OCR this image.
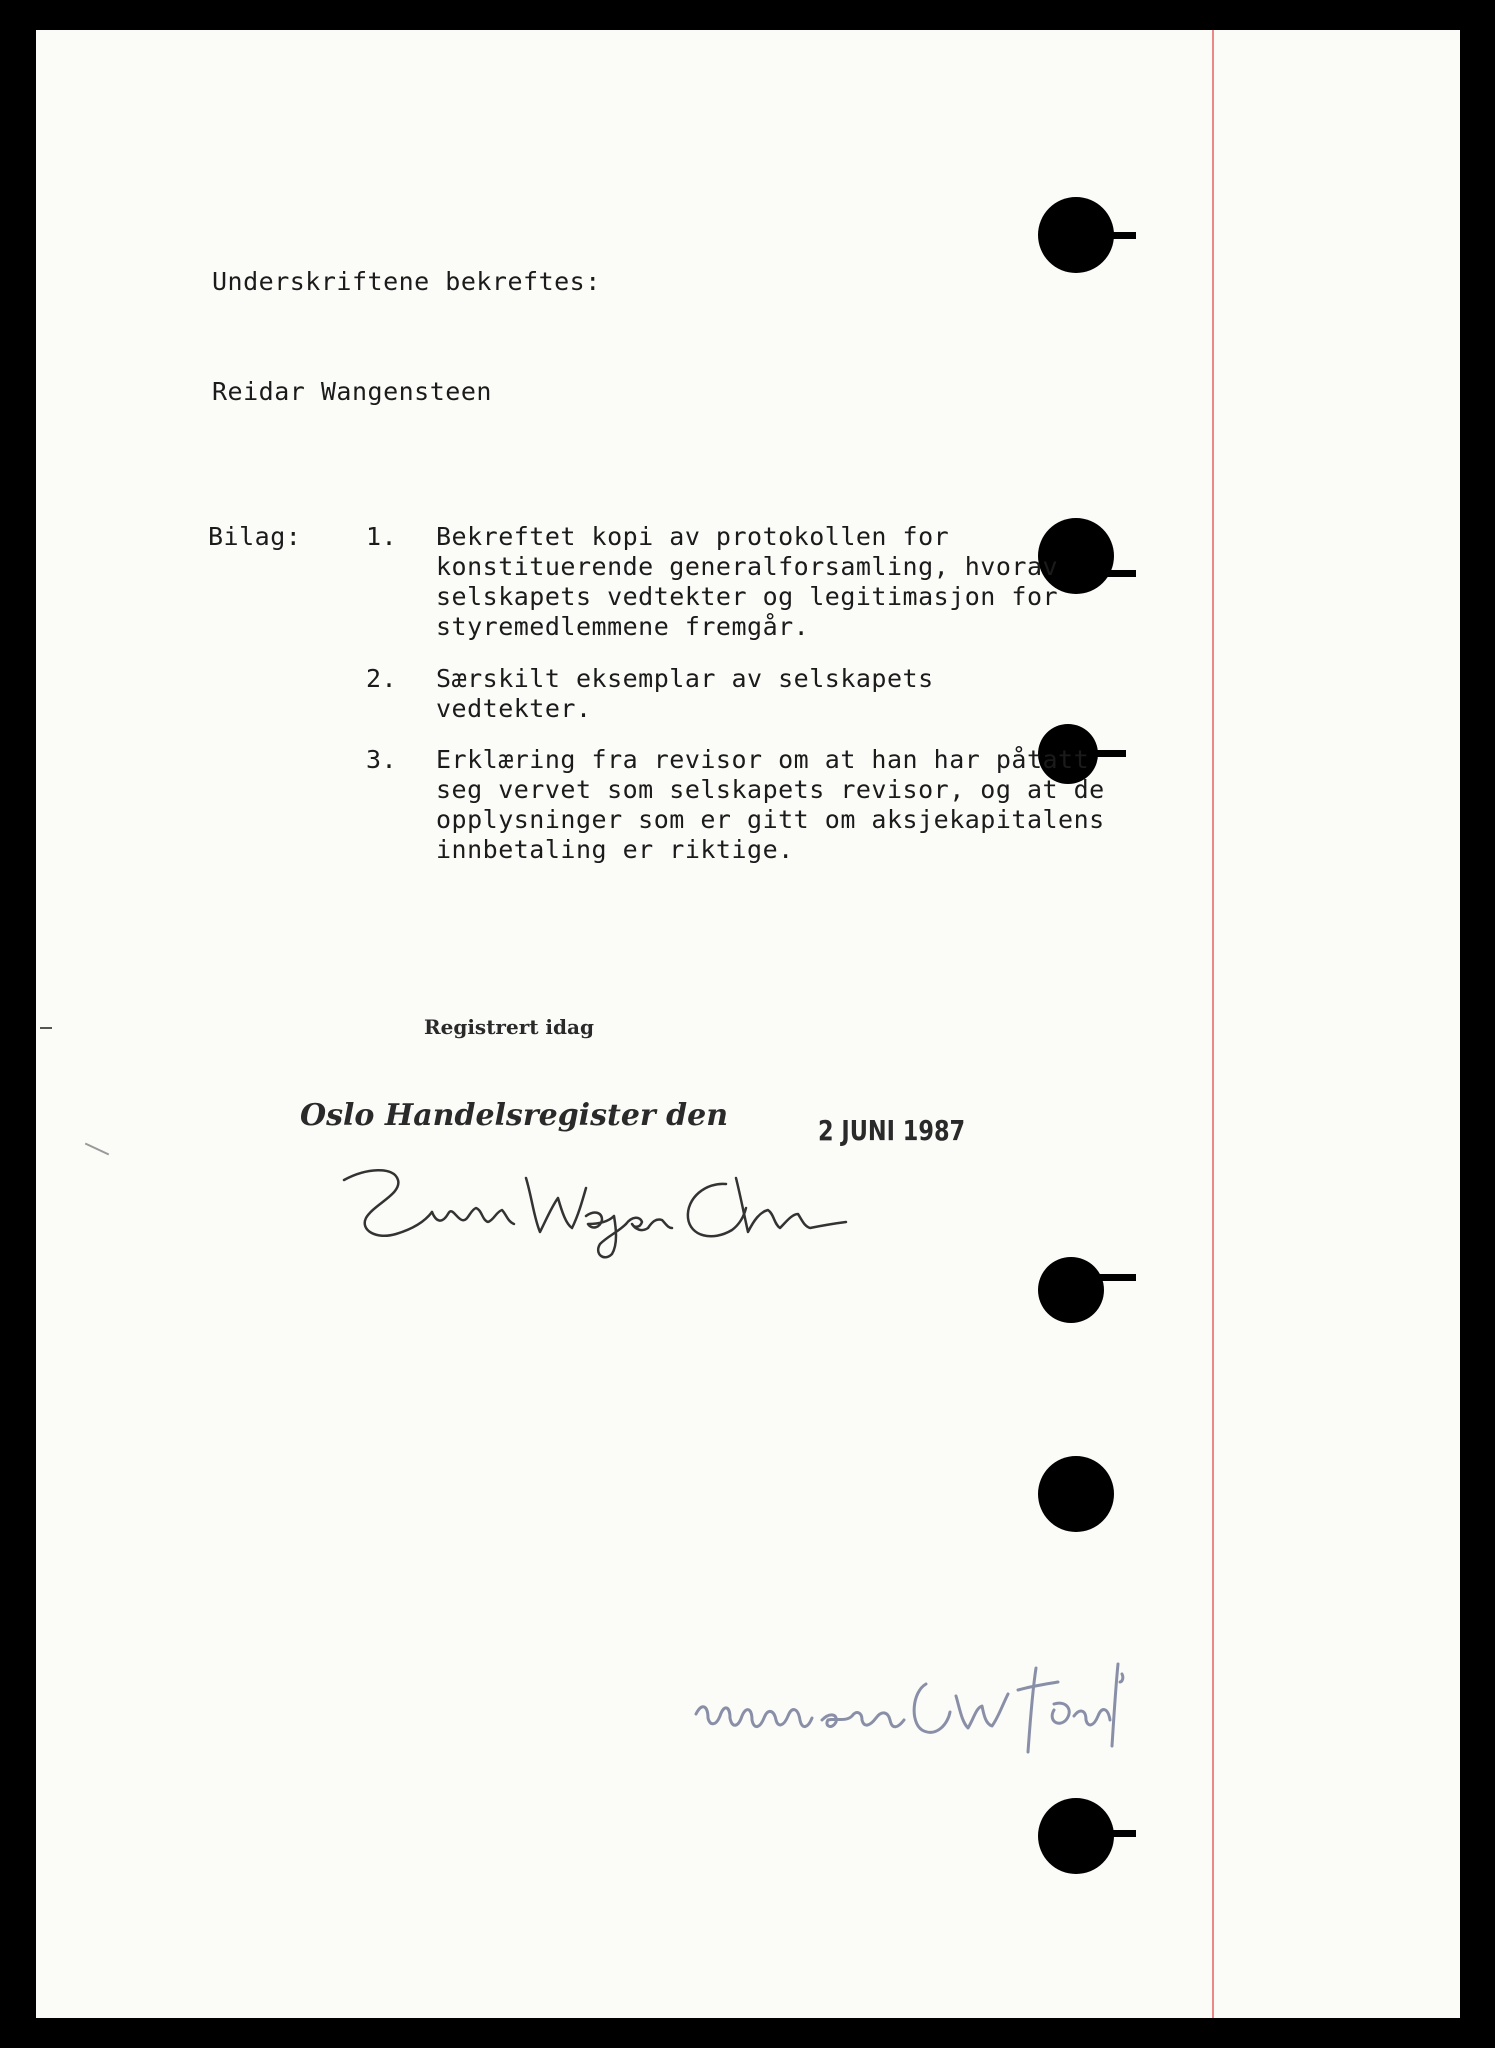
Underskriftene bekreftes:
Reidar Wangensteen
Bilag:	1. Bekreftet kopi av protokollen for
konstituerende generalforsamling, hvorav
selskapets vedtekter og legitimasjon for
styremedlemmene fremgår.
2. Særskilt eksemplar av selskapets
vedtekter.
3. Erklæring fra revisor om at han har påtatt
seg vervet som selskapets revisor, og at de
opplysninger som er gitt om aksjekapitalens
innbetaling er riktige.
Registrert idag
Oslo Handelsregister den	2 JUNI 1987
